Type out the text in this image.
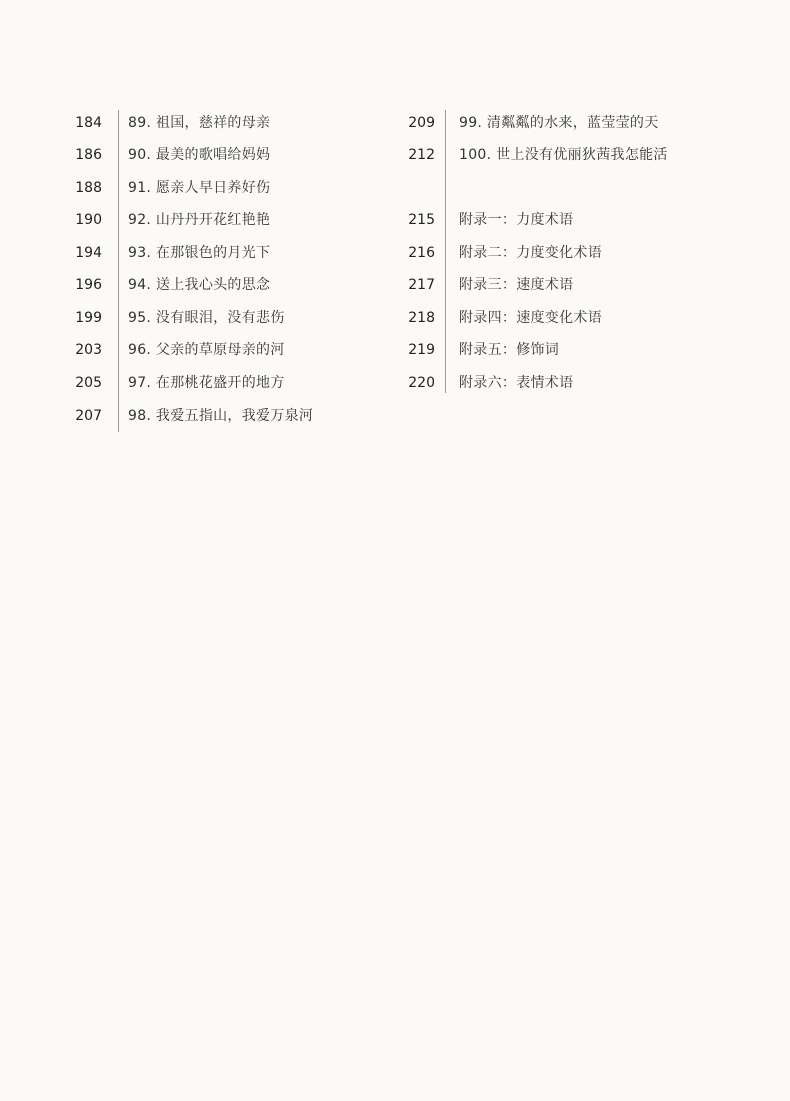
184 89. 祖国，慈祥的母亲
186 90. 最美的歌唱给妈妈
188 91. 愿亲人早日养好伤
190 92. 山丹丹开花红艳艳
194 93. 在那银色的月光下
196 94. 送上我心头的思念
199 95. 没有眼泪，没有悲伤
203 96. 父亲的草原母亲的河
205 97. 在那桃花盛开的地方
207 98. 我爱五指山，我爱万泉河
209 99. 清粼粼的水来，蓝莹莹的天
212 100. 世上没有优丽狄茜我怎能活
215 附录一：力度术语
216 附录二：力度变化术语
217 附录三：速度术语
218 附录四：速度变化术语
219 附录五：修饰词
220 附录六：表情术语
